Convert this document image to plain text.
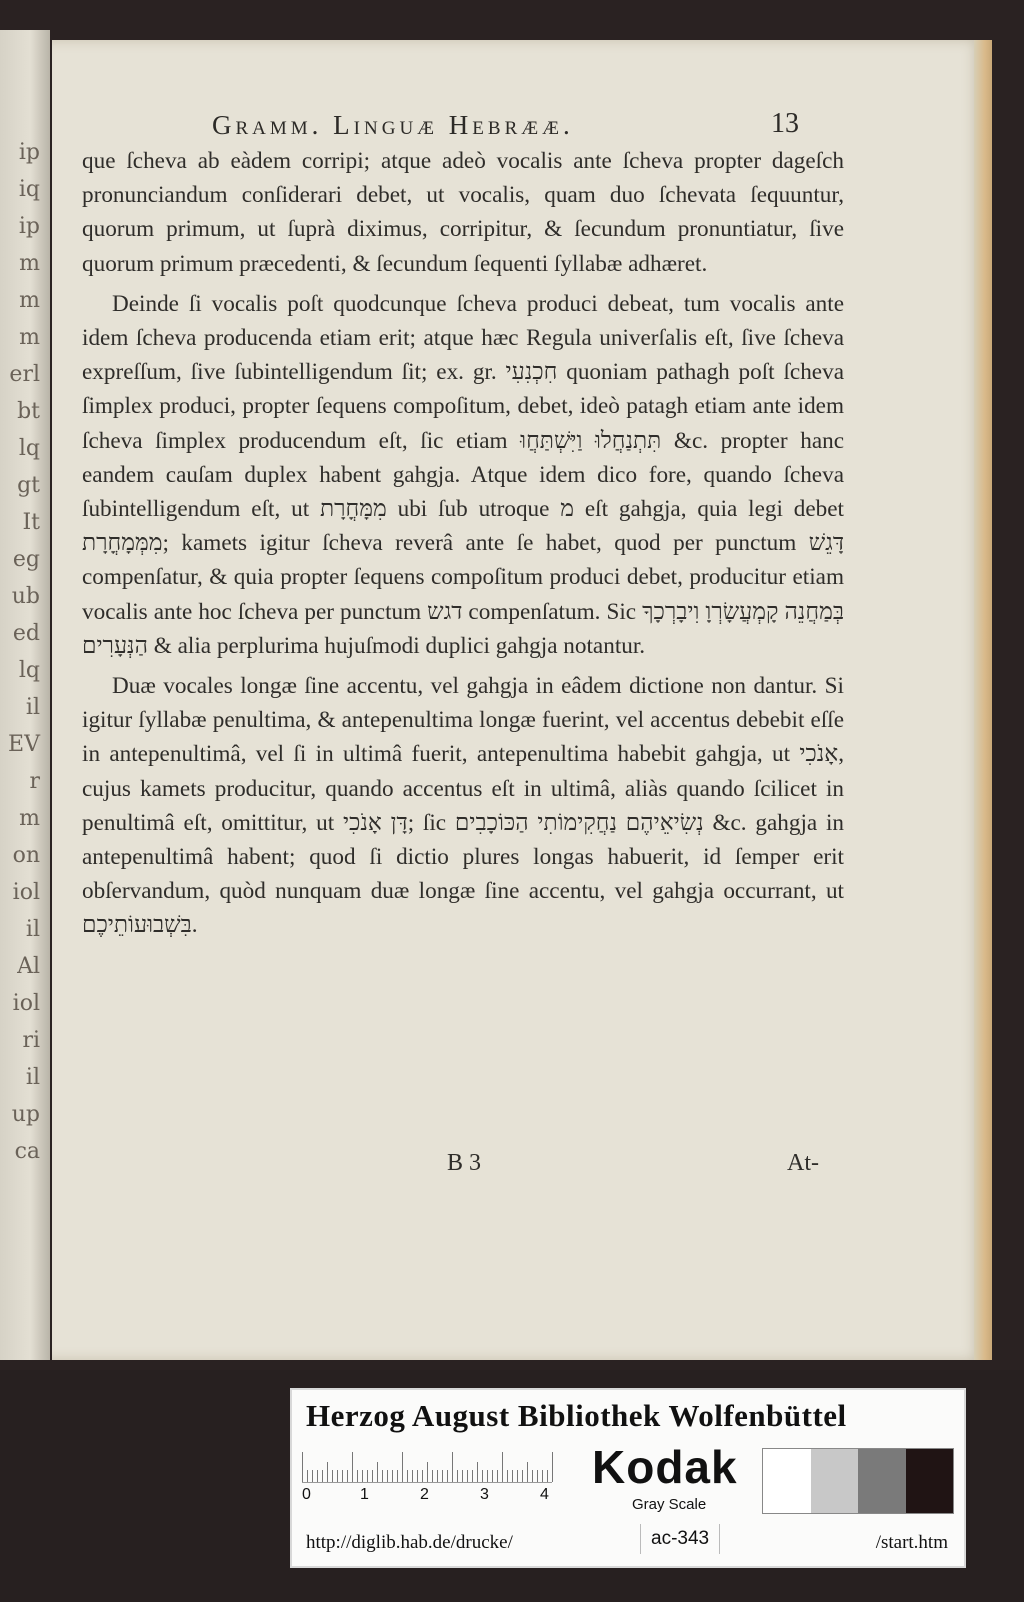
ip
iq
ip
m
m
m
erl
bt
lq
gt
It
eg
ub
ed
lq
il
EV
r
m
on
iol
il
Al
iol
ri
il
up
ca
Gramm. Linguæ Hebrææ.	13

que ſcheva ab eàdem corripi; atque adeò vocalis ante ſcheva propter dageſch pronunciandum conſiderari debet, ut vocalis, quam duo ſchevata ſequuntur, quorum primum, ut ſuprà diximus, corripitur, & ſecundum pronuntiatur, ſive quorum primum præcedenti, & ſecundum ſequenti ſyllabæ adhæret.

Deinde ſi vocalis poſt quodcunque ſcheva produci debeat, tum vocalis ante idem ſcheva producenda etiam erit; atque hæc Regula univerſalis eſt, ſive ſcheva expreſſum, ſive ſubintelligendum ſit; ex. gr. חִכְנִעִי quoniam pathagh poſt ſcheva ſimplex produci, propter ſequens compoſitum, debet, ideò patagh etiam ante idem ſcheva ſimplex producendum eſt, ſic etiam תִּתְנַחֲלוּ וַיִּשְׁתַּחֲוּ &c. propter hanc eandem cauſam duplex habent gahgja. Atque idem dico fore, quando ſcheva ſubintelligendum eſt, ut מִמָּחֳרָת ubi ſub utroque מ eſt gahgja, quia legi debet מִמְּמָחֳרָת; kamets igitur ſcheva reverâ ante ſe habet, quod per punctum דָּגֵשׁ compenſatur, & quia propter ſequens compoſitum produci debet, producitur etiam vocalis ante hoc ſcheva per punctum דגש compenſatum. Sic בְּמַחֲנֵה קָמְעֲשָׂרְוָ וִיבָרְכָךָ הַנְּעָרִים & alia perplurima hujuſmodi duplici gahgja notantur.

Duæ vocales longæ ſine accentu, vel gahgja in eâdem dictione non dantur. Si igitur ſyllabæ penultima, & antepenultima longæ fuerint, vel accentus debebit eſſe in antepenultimâ, vel ſi in ultimâ fuerit, antepenultima habebit gahgja, ut אָנֹכִי, cujus kamets producitur, quando accentus eſt in ultimâ, aliàs quando ſcilicet in penultimâ eſt, omittitur, ut דָּן אָנֹכִי; ſic נְשִׂיאֵיהֶם נַחֲקִימוֹתִי הַכּוֹכָבִים &c. gahgja in antepenultimâ habent; quod ſi dictio plures longas habuerit, id ſemper erit obſervandum, quòd nunquam duæ longæ ſine accentu, vel gahgja occurrant, ut בִּשְׁבוּעוֹתֵיכֶם.

B 3	At-
Herzog August Bibliothek Wolfenbüttel
0	1	2	3	4
Kodak
Gray Scale
http://diglib.hab.de/drucke/	ac-343	/start.htm
